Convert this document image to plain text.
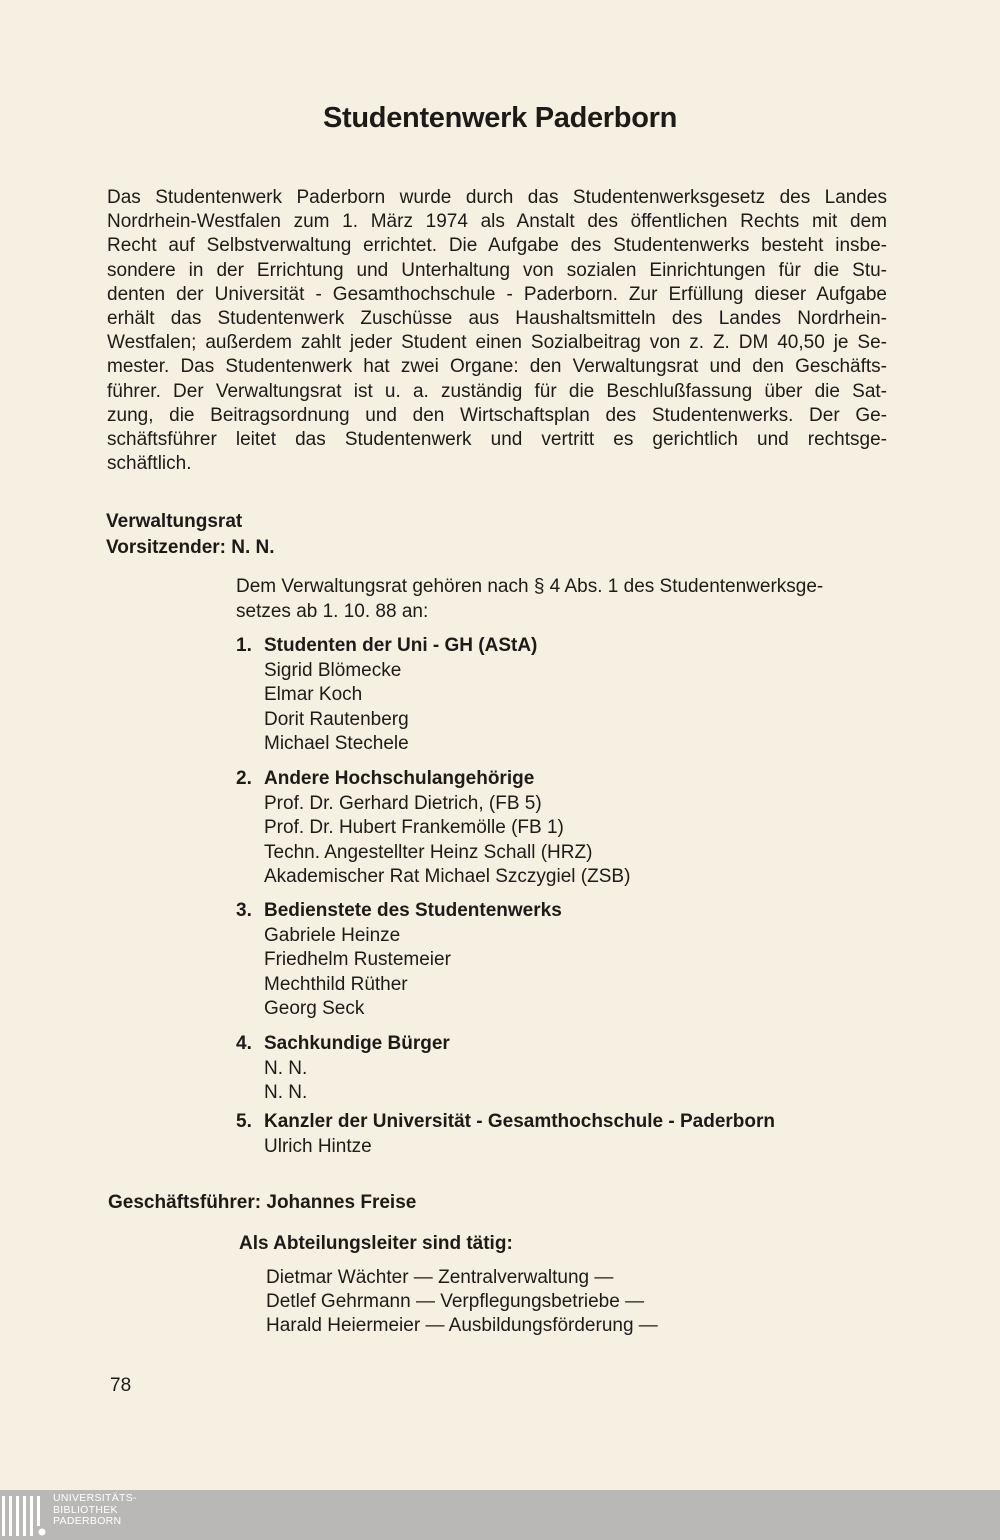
Studentenwerk Paderborn
Das Studentenwerk Paderborn wurde durch das Studentenwerksgesetz des Landes
Nordrhein-Westfalen zum 1. März 1974 als Anstalt des öffentlichen Rechts mit dem
Recht auf Selbstverwaltung errichtet. Die Aufgabe des Studentenwerks besteht insbe-
sondere in der Errichtung und Unterhaltung von sozialen Einrichtungen für die Stu-
denten der Universität - Gesamthochschule - Paderborn. Zur Erfüllung dieser Aufgabe
erhält das Studentenwerk Zuschüsse aus Haushaltsmitteln des Landes Nordrhein-
Westfalen; außerdem zahlt jeder Student einen Sozialbeitrag von z. Z. DM 40,50 je Se-
mester. Das Studentenwerk hat zwei Organe: den Verwaltungsrat und den Geschäfts-
führer. Der Verwaltungsrat ist u. a. zuständig für die Beschlußfassung über die Sat-
zung, die Beitragsordnung und den Wirtschaftsplan des Studentenwerks. Der Ge-
schäftsführer leitet das Studentenwerk und vertritt es gerichtlich und rechtsge-
schäftlich.
Verwaltungsrat
Vorsitzender: N. N.
Dem Verwaltungsrat gehören nach § 4 Abs. 1 des Studentenwerksge-
setzes ab 1. 10. 88 an:
1. Studenten der Uni - GH (AStA)
Sigrid Blömecke
Elmar Koch
Dorit Rautenberg
Michael Stechele
2. Andere Hochschulangehörige
Prof. Dr. Gerhard Dietrich, (FB 5)
Prof. Dr. Hubert Frankemölle (FB 1)
Techn. Angestellter Heinz Schall (HRZ)
Akademischer Rat Michael Szczygiel (ZSB)
3. Bedienstete des Studentenwerks
Gabriele Heinze
Friedhelm Rustemeier
Mechthild Rüther
Georg Seck
4. Sachkundige Bürger
N. N.
N. N.
5. Kanzler der Universität - Gesamthochschule - Paderborn
Ulrich Hintze
Geschäftsführer: Johannes Freise
Als Abteilungsleiter sind tätig:
Dietmar Wächter — Zentralverwaltung —
Detlef Gehrmann — Verpflegungsbetriebe —
Harald Heiermeier — Ausbildungsförderung —
78
UNIVERSITÄTS-
BIBLIOTHEK
PADERBORN
